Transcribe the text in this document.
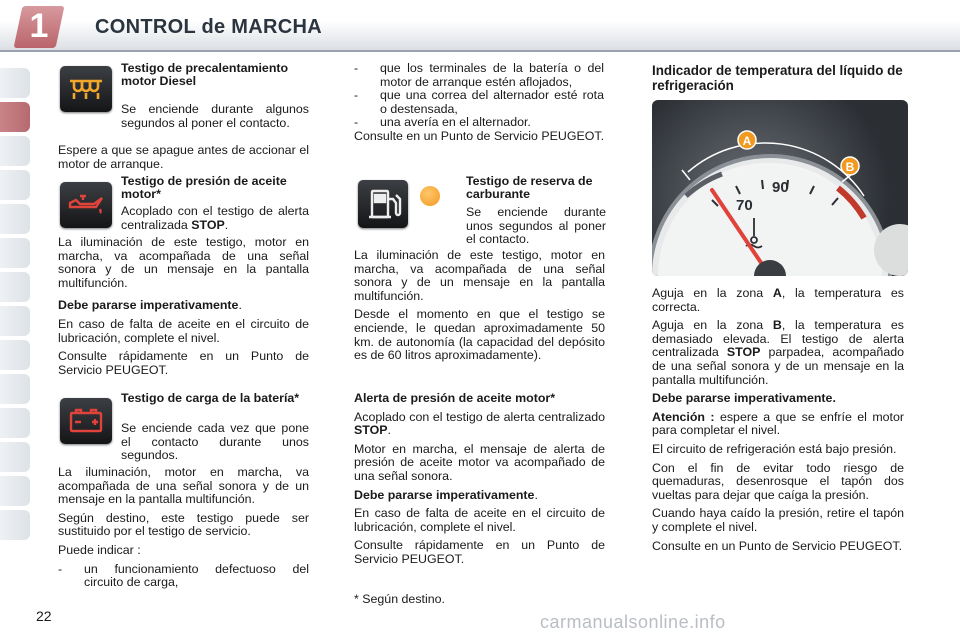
1	CONTROL de MARCHA
Testigo de precalentamiento motor Diesel
Se enciende durante algunos segundos al poner el contacto.
Espere a que se apague antes de accionar el motor de arranque.
Testigo de presión de aceite motor*
Acoplado con el testigo de alerta centralizada STOP.

La iluminación de este testigo, motor en marcha, va acompañada de una señal sonora y de un mensaje en la pantalla multifunción.

Debe pararse imperativamente.

En caso de falta de aceite en el circuito de lubricación, complete el nivel.

Consulte rápidamente en un Punto de Servicio PEUGEOT.

Testigo de carga de la batería*
Se enciende cada vez que pone el contacto durante unos segundos.

La iluminación, motor en marcha, va acompañada de una señal sonora y de un mensaje en la pantalla multifunción.

Según destino, este testigo puede ser sustituido por el testigo de servicio.

Puede indicar :

-	un funcionamiento defectuoso del circuito de carga,
-	que los terminales de la batería o del motor de arranque estén aflojados,
-	que una correa del alternador esté rota o destensada,
-	una avería en el alternador.

Consulte en un Punto de Servicio PEUGEOT.

Testigo de reserva de carburante
Se enciende durante unos segundos al poner el contacto.

La iluminación de este testigo, motor en marcha, va acompañada de una señal sonora y de un mensaje en la pantalla multifunción.

Desde el momento en que el testigo se enciende, le quedan aproximadamente 50 km. de autonomía (la capacidad del depósito es de 60 litros aproximadamente).

Alerta de presión de aceite motor*

Acoplado con el testigo de alerta centralizado STOP.

Motor en marcha, el mensaje de alerta de presión de aceite motor va acompañado de una señal sonora.

Debe pararse imperativamente.

En caso de falta de aceite en el circuito de lubricación, complete el nivel.

Consulte rápidamente en un Punto de Servicio PEUGEOT.

* Según destino.
Indicador de temperatura del líquido de refrigeración
70
90
A
B

Aguja en la zona A, la temperatura es correcta.

Aguja en la zona B, la temperatura es demasiado elevada. El testigo de alerta centralizada STOP parpadea, acompañado de una señal sonora y de un mensaje en la pantalla multifunción.

Debe pararse imperativamente.

Atención : espere a que se enfríe el motor para completar el nivel.

El circuito de refrigeración está bajo presión.

Con el fin de evitar todo riesgo de quemaduras, desenrosque el tapón dos vueltas para dejar que caíga la presión.

Cuando haya caído la presión, retire el tapón y complete el nivel.

Consulte en un Punto de Servicio PEUGEOT.

22	carmanualsonline.info
